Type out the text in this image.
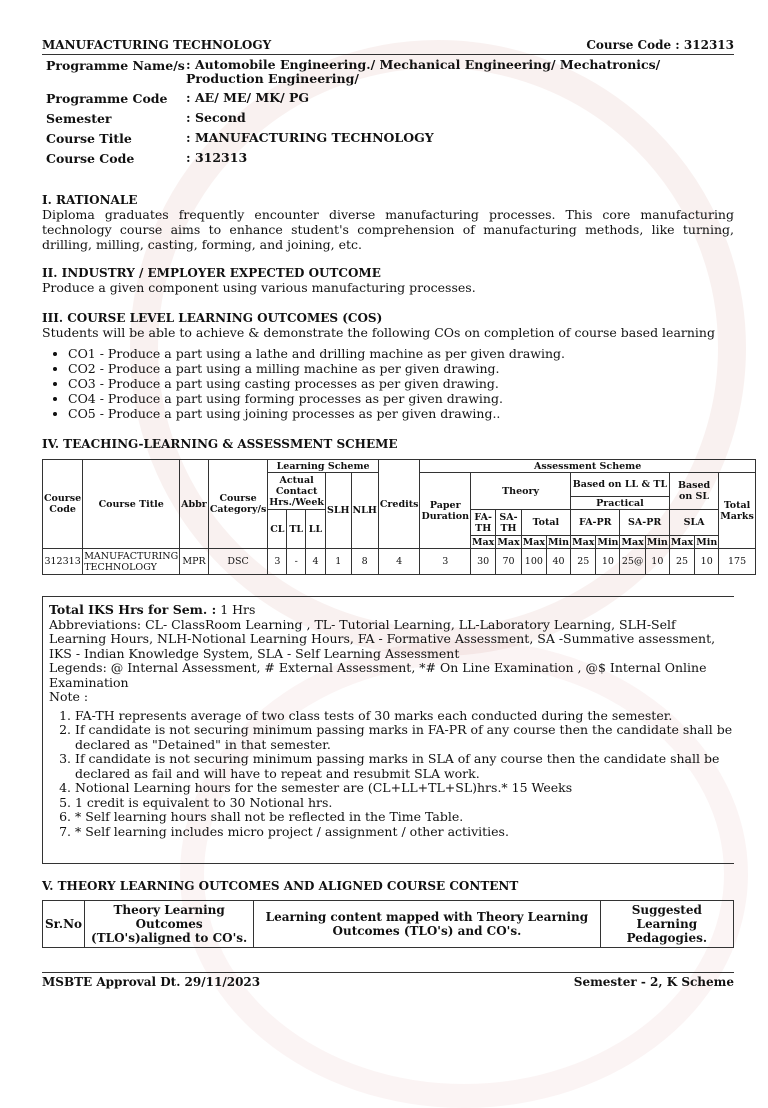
MANUFACTURING TECHNOLOGY	Course Code : 312313
Programme Name/s : Automobile Engineering./ Mechanical Engineering/ Mechatronics/ Production Engineering/
Programme Code	: AE/ ME/ MK/ PG
Semester	: Second
Course Title	: MANUFACTURING TECHNOLOGY
Course Code	: 312313
I. RATIONALE

Diploma graduates frequently encounter diverse manufacturing processes. This core manufacturing technology course aims to enhance student's comprehension of manufacturing methods, like turning, drilling, milling, casting, forming, and joining, etc.

II. INDUSTRY / EMPLOYER EXPECTED OUTCOME

Produce a given component using various manufacturing processes.

III. COURSE LEVEL LEARNING OUTCOMES (COS)

Students will be able to achieve & demonstrate the following COs on completion of course based learning

• CO1 - Produce a part using a lathe and drilling machine as per given drawing.
• CO2 - Produce a part using a milling machine as per given drawing.
• CO3 - Produce a part using casting processes as per given drawing.
• CO4 - Produce a part using forming processes as per given drawing.
• CO5 - Produce a part using joining processes as per given drawing..
IV. TEACHING-LEARNING & ASSESSMENT SCHEME
Course Code	Course Title	Abbr	Course Category/s	Learning Scheme					Credits	Assessment Scheme											
				Actual Contact Hrs./Week			SLH	NLH		Paper Duration	Theory				Based on LL & TL				Based on SL		Total Marks
															Practical						
				CL	TL	LL					FA-TH	SA-TH	Total		FA-PR		SA-PR		SLA		
											Max	Max	Max	Min	Max	Min	Max	Min	Max	Min	
312313	MANUFACTURING TECHNOLOGY	MPR	DSC	3	-	4	1	8	4	3	30	70	100	40	25	10	25@	10	25	10	175
Total IKS Hrs for Sem. : 1 Hrs
Abbreviations: CL- ClassRoom Learning , TL- Tutorial Learning, LL-Laboratory Learning, SLH-Self Learning Hours, NLH-Notional Learning Hours, FA - Formative Assessment, SA -Summative assessment, IKS - Indian Knowledge System, SLA - Self Learning Assessment
Legends: @ Internal Assessment, # External Assessment, *# On Line Examination , @$ Internal Online Examination
Note :
1. FA-TH represents average of two class tests of 30 marks each conducted during the semester.
2. If candidate is not securing minimum passing marks in FA-PR of any course then the candidate shall be declared as "Detained" in that semester.
3. If candidate is not securing minimum passing marks in SLA of any course then the candidate shall be declared as fail and will have to repeat and resubmit SLA work.
4. Notional Learning hours for the semester are (CL+LL+TL+SL)hrs.* 15 Weeks
5. 1 credit is equivalent to 30 Notional hrs.
6. * Self learning hours shall not be reflected in the Time Table.
7. * Self learning includes micro project / assignment / other activities.
V. THEORY LEARNING OUTCOMES AND ALIGNED COURSE CONTENT
Sr.No	Theory Learning Outcomes (TLO's)aligned to CO's.	Learning content mapped with Theory Learning Outcomes (TLO's) and CO's.	Suggested Learning Pedagogies.
MSBTE Approval Dt. 29/11/2023	Semester - 2, K Scheme
